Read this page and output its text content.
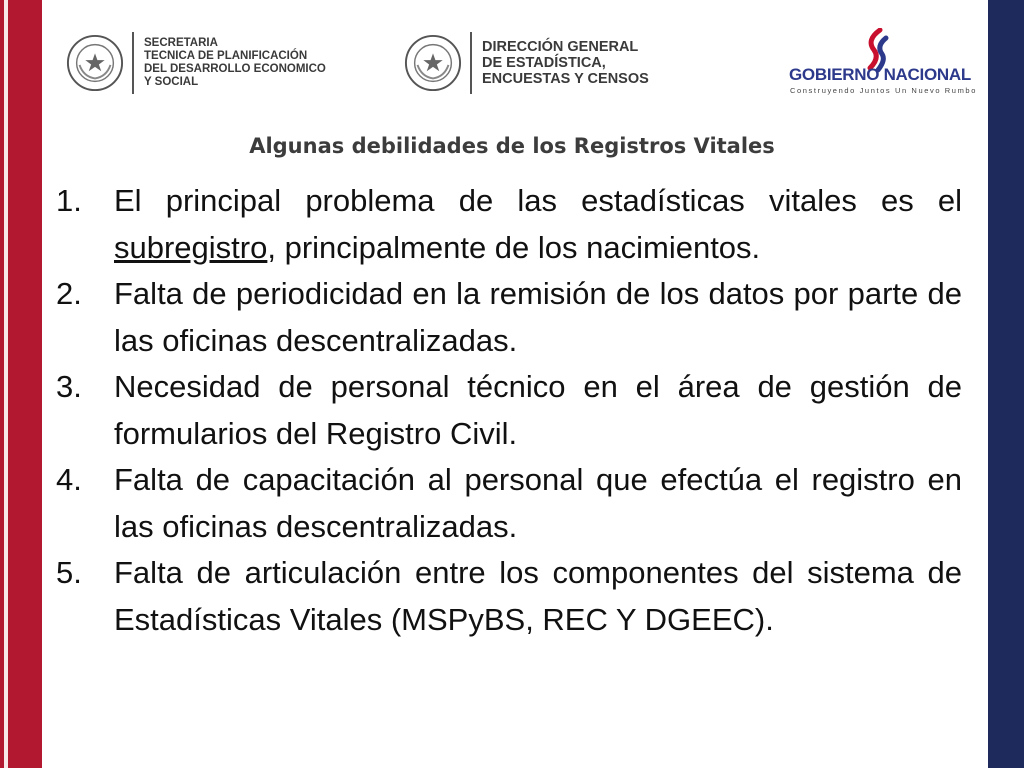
SECRETARIA
TECNICA DE PLANIFICACIÓN
DEL DESARROLLO ECONOMICO
Y SOCIAL
DIRECCIÓN GENERAL
DE ESTADÍSTICA,
ENCUESTAS Y CENSOS	GOBIERNO NACIONAL
Construyendo Juntos Un Nuevo Rumbo
Algunas debilidades de los Registros Vitales
1. El principal problema de las estadísticas vitales es el subregistro, principalmente de los nacimientos.
2. Falta de periodicidad en la remisión de los datos por parte de las oficinas descentralizadas.
3. Necesidad de personal técnico en el área de gestión de formularios del Registro Civil.
4. Falta de capacitación al personal que efectúa el registro en las oficinas descentralizadas.
5. Falta de articulación entre los componentes del sistema de Estadísticas Vitales (MSPyBS, REC Y DGEEC).
